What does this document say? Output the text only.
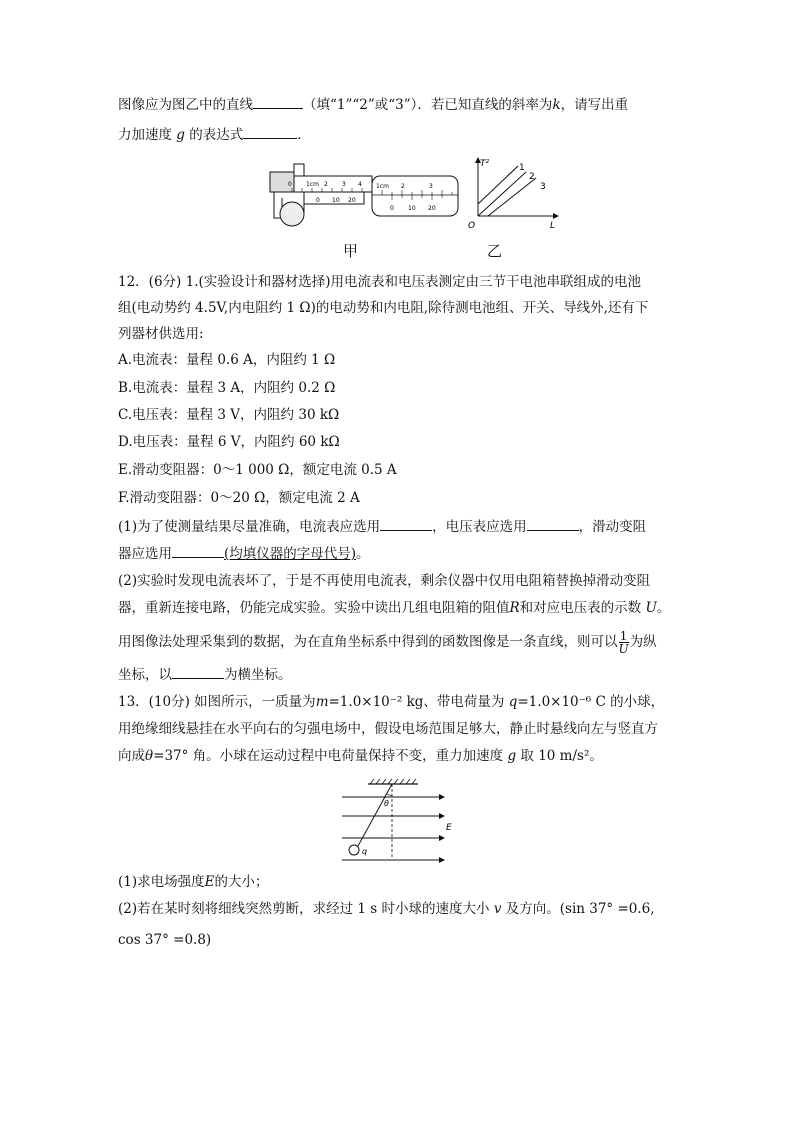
图像应为图乙中的直线	（填“1”“2”或“3”）．若已知直线的斜率为k，请写出重
力加速度 g 的表达式	．
0 1cm 2 3 4
0 10 20
1cm 2	3
0 10 20
甲
T²
L
O
1
2
3
乙
12．(6分) 1.(实验设计和器材选择)用电流表和电压表测定由三节干电池串联组成的电池
组(电动势约 4.5V,内电阻约 1 Ω)的电动势和内电阻,除待测电池组、开关、导线外,还有下
列器材供选用:
A.电流表：量程 0.6 A，内阻约 1 Ω
B.电流表：量程 3 A，内阻约 0.2 Ω
C.电压表：量程 3 V，内阻约 30 kΩ
D.电压表：量程 6 V，内阻约 60 kΩ
E.滑动变阻器：0～1 000 Ω，额定电流 0.5 A
F.滑动变阻器：0～20 Ω，额定电流 2 A
(1)为了使测量结果尽量准确，电流表应选用	，电压表应选用	，滑动变阻
器应选用	(均填仪器的字母代号)。
(2)实验时发现电流表坏了，于是不再使用电流表，剩余仪器中仅用电阻箱替换掉滑动变阻
器，重新连接电路，仍能完成实验。实验中读出几组电阻箱的阻值R和对应电压表的示数 U。
用图像法处理采集到的数据，为在直角坐标系中得到的函数图像是一条直线，则可以 $\frac{1}{U}$ 为纵
坐标，以	为横坐标。
13．(10分) 如图所示，一质量为m=1.0×10⁻² kg、带电荷量为 q=1.0×10⁻⁶ C 的小球，
用绝缘细线悬挂在水平向右的匀强电场中，假设电场范围足够大，静止时悬线向左与竖直方
向成θ=37° 角。小球在运动过程中电荷量保持不变，重力加速度 g 取 10 m/s²。
θ
q
E
(1)求电场强度E的大小；
(2)若在某时刻将细线突然剪断，求经过 1 s 时小球的速度大小 v 及方向。(sin 37° =0.6,
cos 37° =0.8)
